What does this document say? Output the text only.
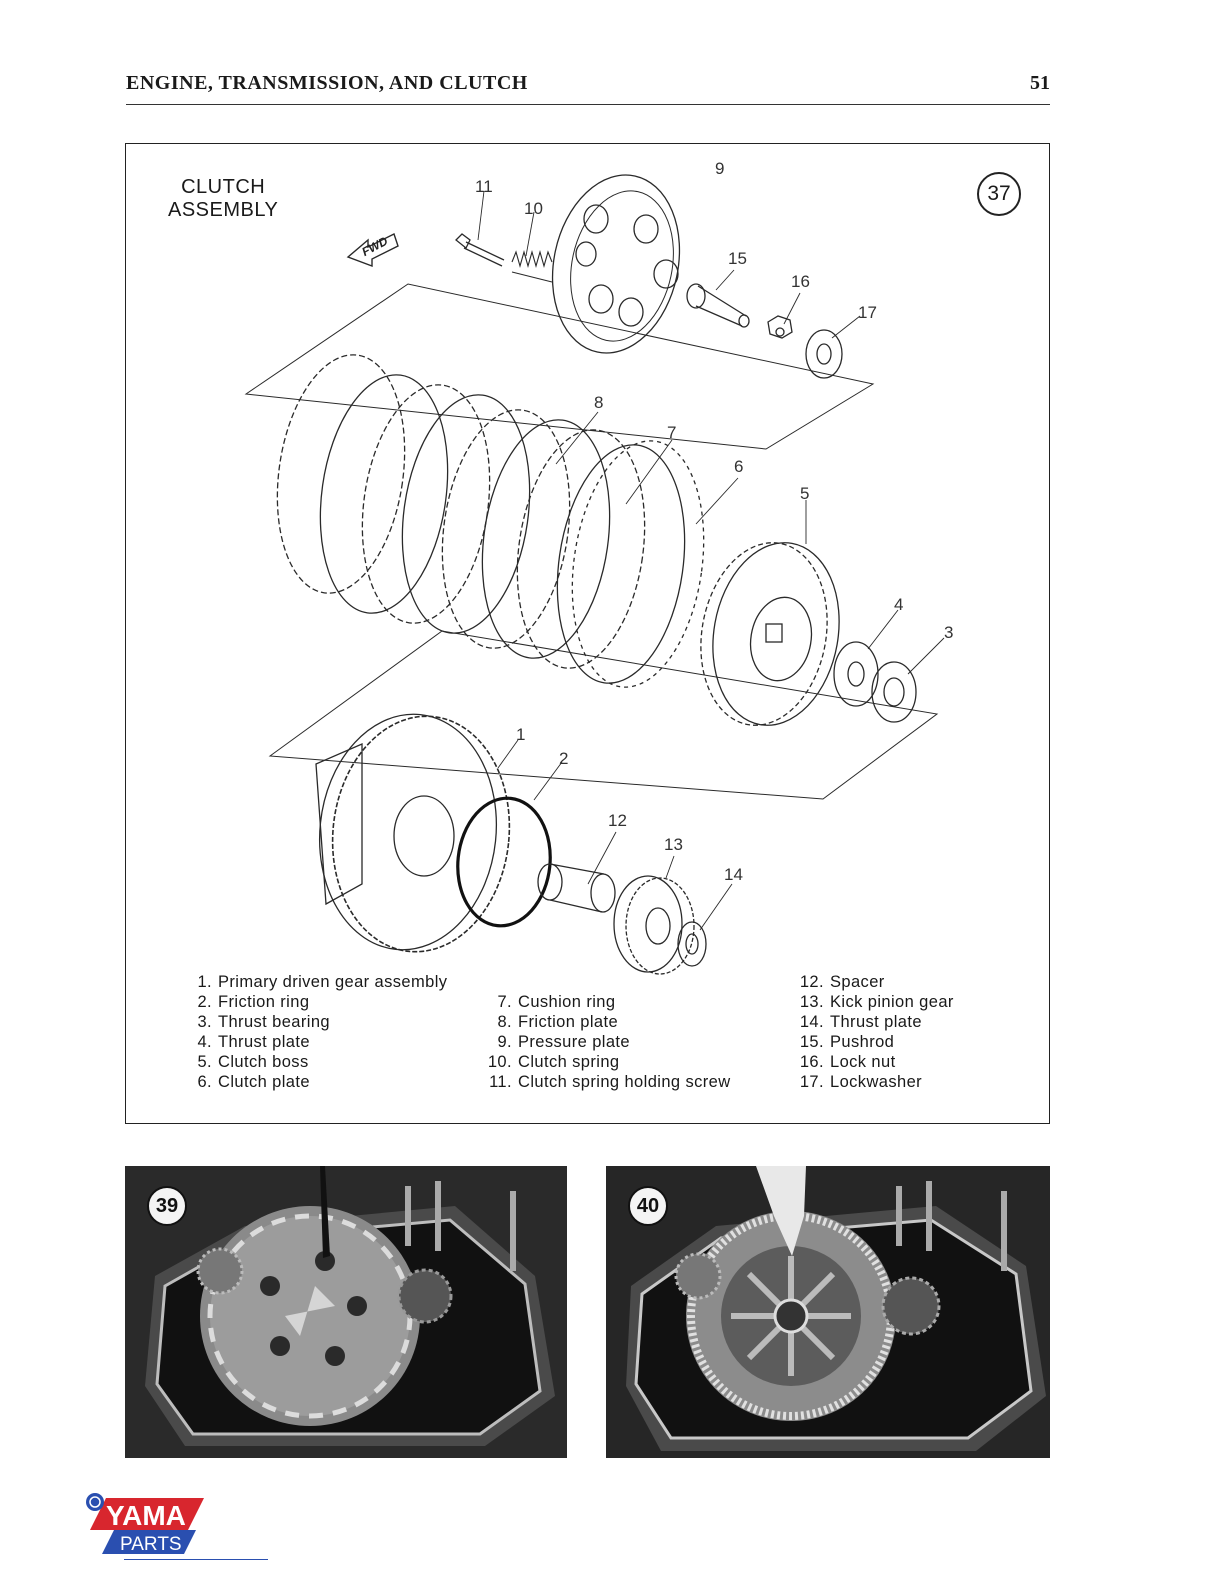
ENGINE, TRANSMISSION, AND CLUTCH	51
FWD
1
2
3
4
5
6
7
8
9
10
11
12
13
14
15
16
17
CLUTCH
ASSEMBLY
37
1. Primary driven gear assembly
2. Friction ring
3. Thrust bearing
4. Thrust plate
5. Clutch boss
6. Clutch plate
7. Cushion ring
8. Friction plate
9. Pressure plate
10. Clutch spring
11. Clutch spring holding screw
12. Spacer
13. Kick pinion gear
14. Thrust plate
15. Pushrod
16. Lock nut
17. Lockwasher
39	40
YAMA
PARTS
